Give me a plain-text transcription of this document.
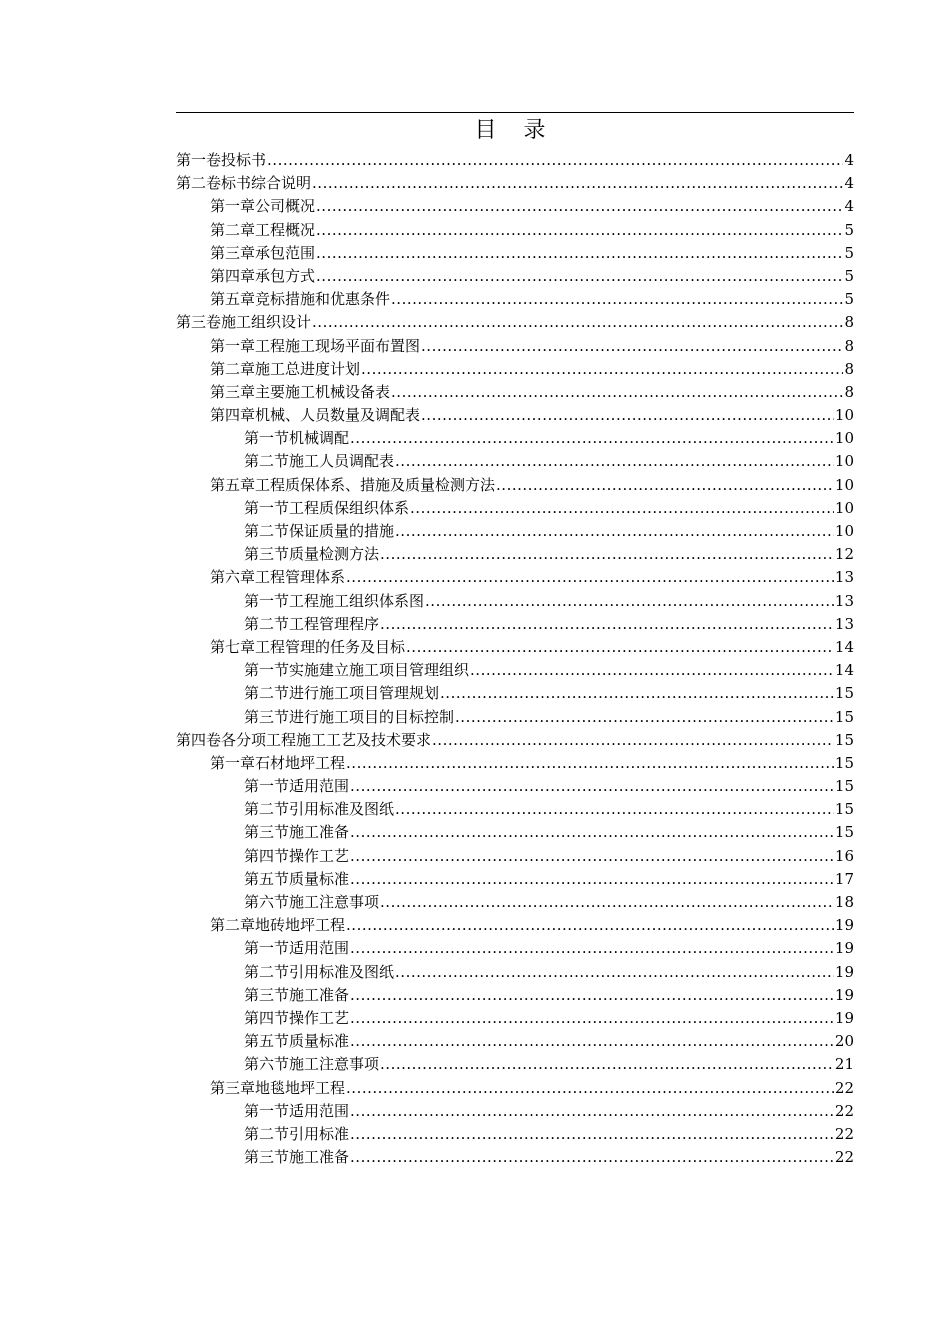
目 录
第一卷 投标书 .....	4
第二卷 标书综合说明 .....	4
第一章 公司概况 .....	4
第二章 工程概况 .....	5
第三章 承包范围 .....	5
第四章 承包方式 .....	5
第五章 竞标措施和优惠条件 .....	5
第三卷 施工组织设计 .....	8
第一章 工程施工现场平面布置图 .....	8
第二章 施工总进度计划 .....	8
第三章 主要施工机械设备表 .....	8
第四章 机械、人员数量及调配表 .....	10
第一节 机械调配 .....	10
第二节 施工人员调配表 .....	10
第五章 工程质保体系、措施及质量检测方法 .....	10
第一节 工程质保组织体系 .....	10
第二节 保证质量的措施 .....	10
第三节 质量检测方法 .....	12
第六章 工程管理体系 .....	13
第一节 工程施工组织体系图 .....	13
第二节 工程管理程序 .....	13
第七章 工程管理的任务及目标 .....	14
第一节 实施建立施工项目管理组织 .....	14
第二节 进行施工项目管理规划 .....	15
第三节 进行施工项目的目标控制 .....	15
第四卷 各分项工程施工工艺及技术要求 .....	15
第一章 石材地坪工程 .....	15
第一节 适用范围 .....	15
第二节 引用标准及图纸 .....	15
第三节 施工准备 .....	15
第四节 操作工艺 .....	16
第五节 质量标准 .....	17
第六节 施工注意事项 .....	18
第二章 地砖地坪工程 .....	19
第一节 适用范围 .....	19
第二节 引用标准及图纸 .....	19
第三节 施工准备 .....	19
第四节 操作工艺 .....	19
第五节 质量标准 .....	20
第六节 施工注意事项 .....	21
第三章 地毯地坪工程 .....	22
第一节 适用范围 .....	22
第二节 引用标准 .....	22
第三节 施工准备 .....	22
